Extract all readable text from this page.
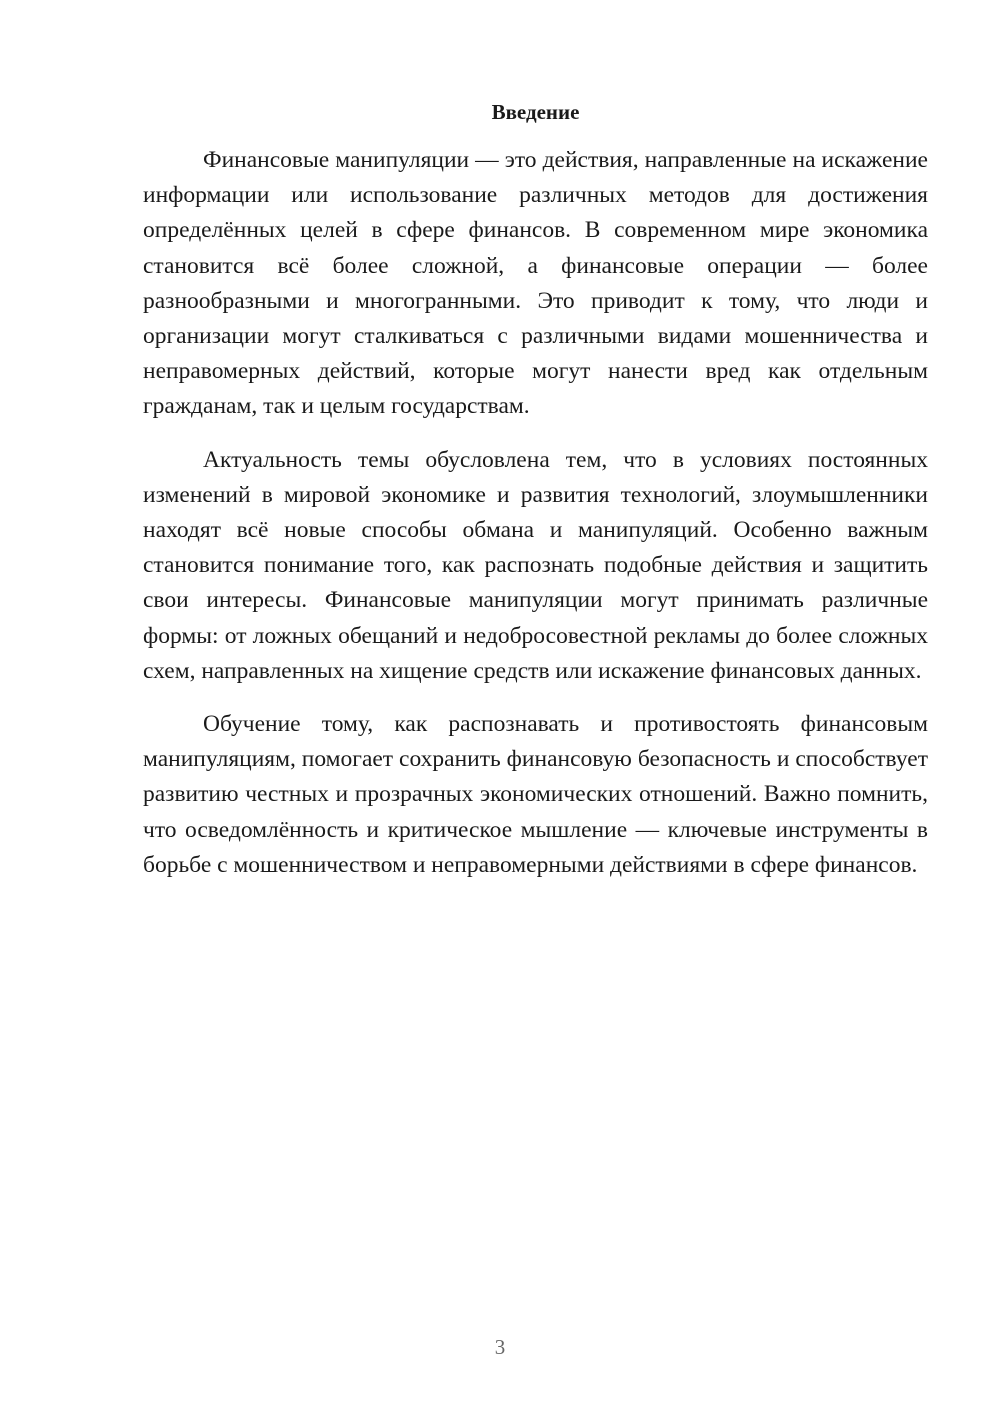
Введение

Финансовые манипуляции — это действия, направленные на искажение информации или использование различных методов для достижения определённых целей в сфере финансов. В современном мире экономика становится всё более сложной, а финансовые операции — более разнообразными и многогранными. Это приводит к тому, что люди и организации могут сталкиваться с различными видами мошенничества и неправомерных действий, которые могут нанести вред как отдельным гражданам, так и целым государствам.

Актуальность темы обусловлена тем, что в условиях постоянных изменений в мировой экономике и развития технологий, злоумышленники находят всё новые способы обмана и манипуляций. Особенно важным становится понимание того, как распознать подобные действия и защитить свои интересы. Финансовые манипуляции могут принимать различные формы: от ложных обещаний и недобросовестной рекламы до более сложных схем, направленных на хищение средств или искажение финансовых данных.

Обучение тому, как распознавать и противостоять финансовым манипуляциям, помогает сохранить финансовую безопасность и способствует развитию честных и прозрачных экономических отношений. Важно помнить, что осведомлённость и критическое мышление — ключевые инструменты в борьбе с мошенничеством и неправомерными действиями в сфере финансов.

3
